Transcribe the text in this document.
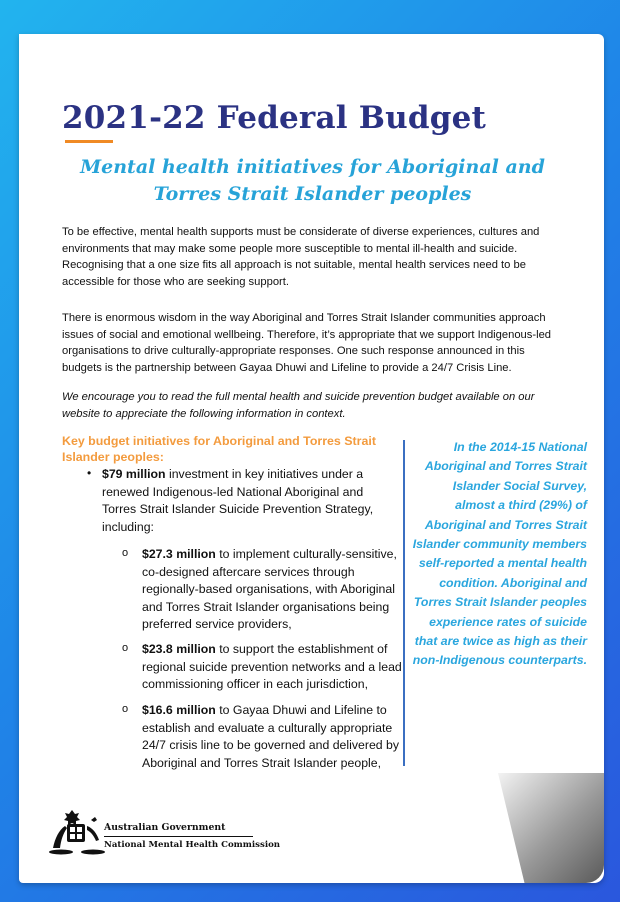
2021-22 Federal Budget
Mental health initiatives for Aboriginal and Torres Strait Islander peoples

To be effective, mental health supports must be considerate of diverse experiences, cultures and environments that may make some people more susceptible to mental ill-health and suicide. Recognising that a one size fits all approach is not suitable, mental health services need to be accessible for those who are seeking support.

There is enormous wisdom in the way Aboriginal and Torres Strait Islander communities approach issues of social and emotional wellbeing. Therefore, it’s appropriate that we support Indigenous-led organisations to drive culturally-appropriate responses. One such response announced in this budgets is the partnership between Gayaa Dhuwi and Lifeline to provide a 24/7 Crisis Line.

We encourage you to read the full mental health and suicide prevention budget available on our website to appreciate the following information in context.

Key budget initiatives for Aboriginal and Torres Strait Islander peoples:
• $79 million investment in key initiatives under a renewed Indigenous-led National Aboriginal and Torres Strait Islander Suicide Prevention Strategy, including:

o $27.3 million to implement culturally-sensitive, co-designed aftercare services through regionally-based organisations, with Aboriginal and Torres Strait Islander organisations being preferred service providers,

o $23.8 million to support the establishment of regional suicide prevention networks and a lead commissioning officer in each jurisdiction,

o $16.6 million to Gayaa Dhuwi and Lifeline to establish and evaluate a culturally appropriate 24/7 crisis line to be governed and delivered by Aboriginal and Torres Strait Islander people,

In the 2014-15 National Aboriginal and Torres Strait Islander Social Survey, almost a third (29%) of Aboriginal and Torres Strait Islander community members self-reported a mental health condition. Aboriginal and Torres Strait Islander peoples experience rates of suicide that are twice as high as their non-Indigenous counterparts.

Australian Government

National Mental Health Commission
